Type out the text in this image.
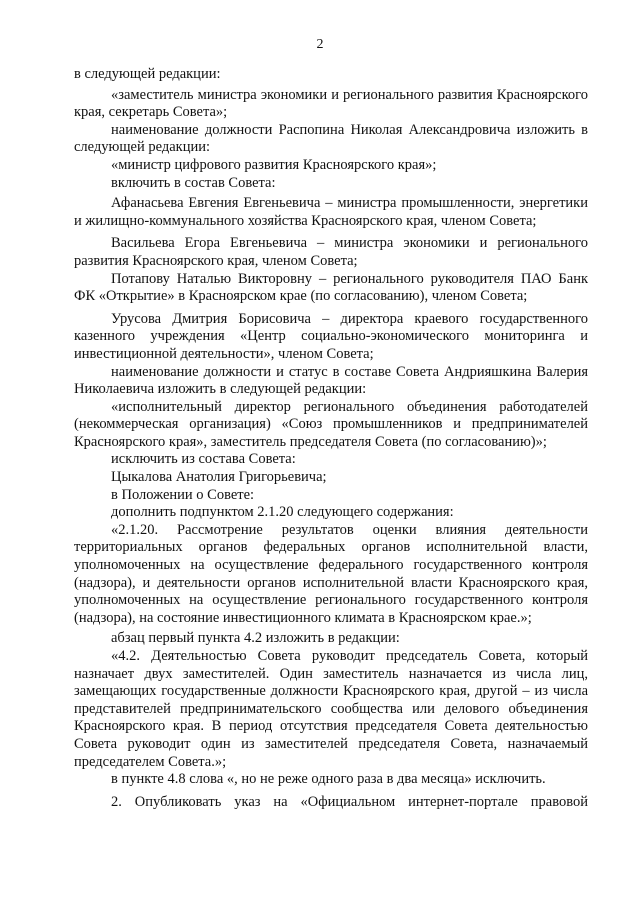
2

в следующей редакции:

«заместитель министра экономики и регионального развития Красноярского края, секретарь Совета»;

наименование должности Распопина Николая Александровича изложить в следующей редакции:

«министр цифрового развития Красноярского края»;

включить в состав Совета:

Афанасьева Евгения Евгеньевича – министра промышленности, энергетики и жилищно-коммунального хозяйства Красноярского края, членом Совета;

Васильева Егора Евгеньевича – министра экономики и регионального развития Красноярского края, членом Совета;

Потапову Наталью Викторовну – регионального руководителя ПАО Банк ФК «Открытие» в Красноярском крае (по согласованию), членом Совета;

Урусова Дмитрия Борисовича – директора краевого государственного казенного учреждения «Центр социально-экономического мониторинга и инвестиционной деятельности», членом Совета;

наименование должности и статус в составе Совета Андрияшкина Валерия Николаевича изложить в следующей редакции:

«исполнительный директор регионального объединения работодателей (некоммерческая организация) «Союз промышленников и предпринимателей Красноярского края», заместитель председателя Совета (по согласованию)»;

исключить из состава Совета:

Цыкалова Анатолия Григорьевича;

в Положении о Совете:

дополнить подпунктом 2.1.20 следующего содержания:

«2.1.20. Рассмотрение результатов оценки влияния деятельности территориальных органов федеральных органов исполнительной власти, уполномоченных на осуществление федерального государственного контроля (надзора), и деятельности органов исполнительной власти Красноярского края, уполномоченных на осуществление регионального государственного контроля (надзора), на состояние инвестиционного климата в Красноярском крае.»;

абзац первый пункта 4.2 изложить в редакции:

«4.2. Деятельностью Совета руководит председатель Совета, который назначает двух заместителей. Один заместитель назначается из числа лиц, замещающих государственные должности Красноярского края, другой – из числа представителей предпринимательского сообщества или делового объединения Красноярского края. В период отсутствия председателя Совета деятельностью Совета руководит один из заместителей председателя Совета, назначаемый председателем Совета.»;

в пункте 4.8 слова «, но не реже одного раза в два месяца» исключить.

2. Опубликовать указ на «Официальном интернет-портале правовой
